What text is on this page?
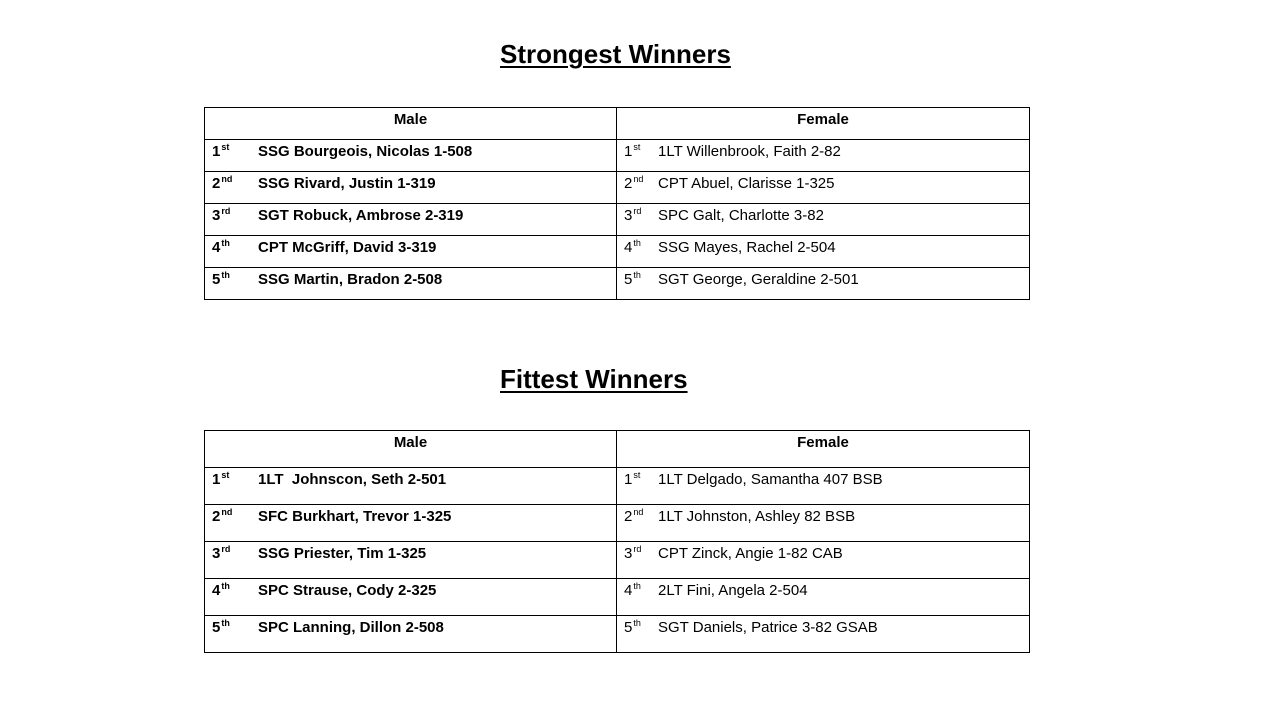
Strongest Winners
Male	Female
1st SSG Bourgeois, Nicolas 1-508	1st 1LT Willenbrook, Faith 2-82
2nd SSG Rivard, Justin 1-319	2nd CPT Abuel, Clarisse 1-325
3rd SGT Robuck, Ambrose 2-319	3rd SPC Galt, Charlotte 3-82
4th CPT McGriff, David 3-319	4th SSG Mayes, Rachel 2-504
5th SSG Martin, Bradon 2-508	5th SGT George, Geraldine 2-501
Fittest Winners
Male	Female
1st 1LT  Johnscon, Seth 2-501	1st 1LT Delgado, Samantha 407 BSB
2nd SFC Burkhart, Trevor 1-325	2nd 1LT Johnston, Ashley 82 BSB
3rd SSG Priester, Tim 1-325	3rd CPT Zinck, Angie 1-82 CAB
4th SPC Strause, Cody 2-325	4th 2LT Fini, Angela 2-504
5th SPC Lanning, Dillon 2-508	5th SGT Daniels, Patrice 3-82 GSAB
